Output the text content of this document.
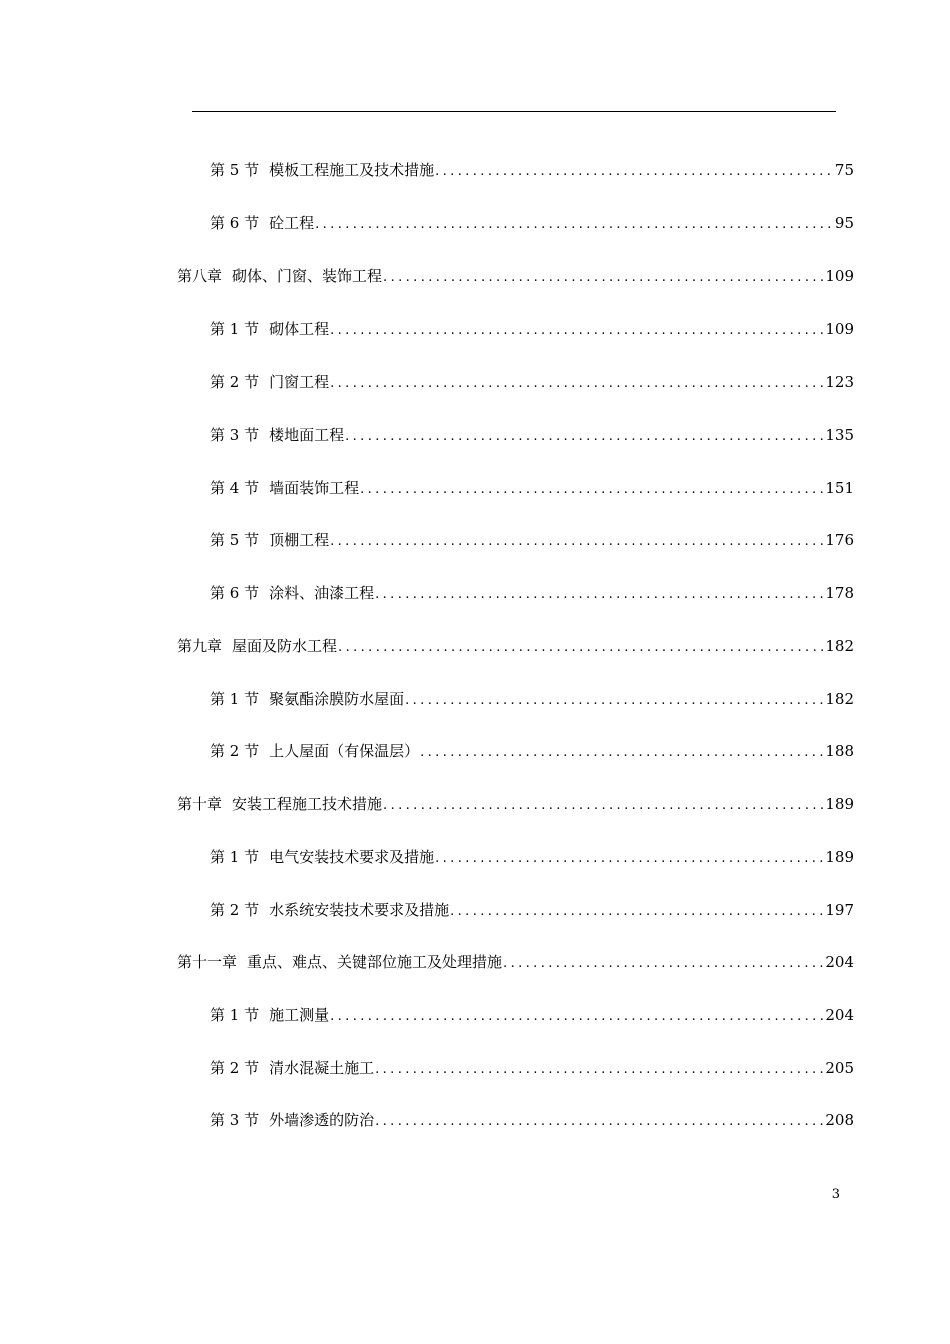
第 5 节 模板工程施工及技术措施 .....	75
第 6 节 砼工程 .....	95
第八章 砌体、门窗、装饰工程 .....	109
第 1 节 砌体工程 .....	109
第 2 节 门窗工程 .....	123
第 3 节 楼地面工程 .....	135
第 4 节 墙面装饰工程 .....	151
第 5 节 顶棚工程 .....	176
第 6 节 涂料、油漆工程 .....	178
第九章 屋面及防水工程 .....	182
第 1 节 聚氨酯涂膜防水屋面 .....	182
第 2 节 上人屋面（有保温层） .....	188
第十章 安装工程施工技术措施 .....	189
第 1 节 电气安装技术要求及措施 .....	189
第 2 节 水系统安装技术要求及措施 .....	197
第十一章 重点、难点、关键部位施工及处理措施 .....	204
第 1 节 施工测量 .....	204
第 2 节 清水混凝土施工 .....	205
第 3 节 外墙渗透的防治 .....	208
3
